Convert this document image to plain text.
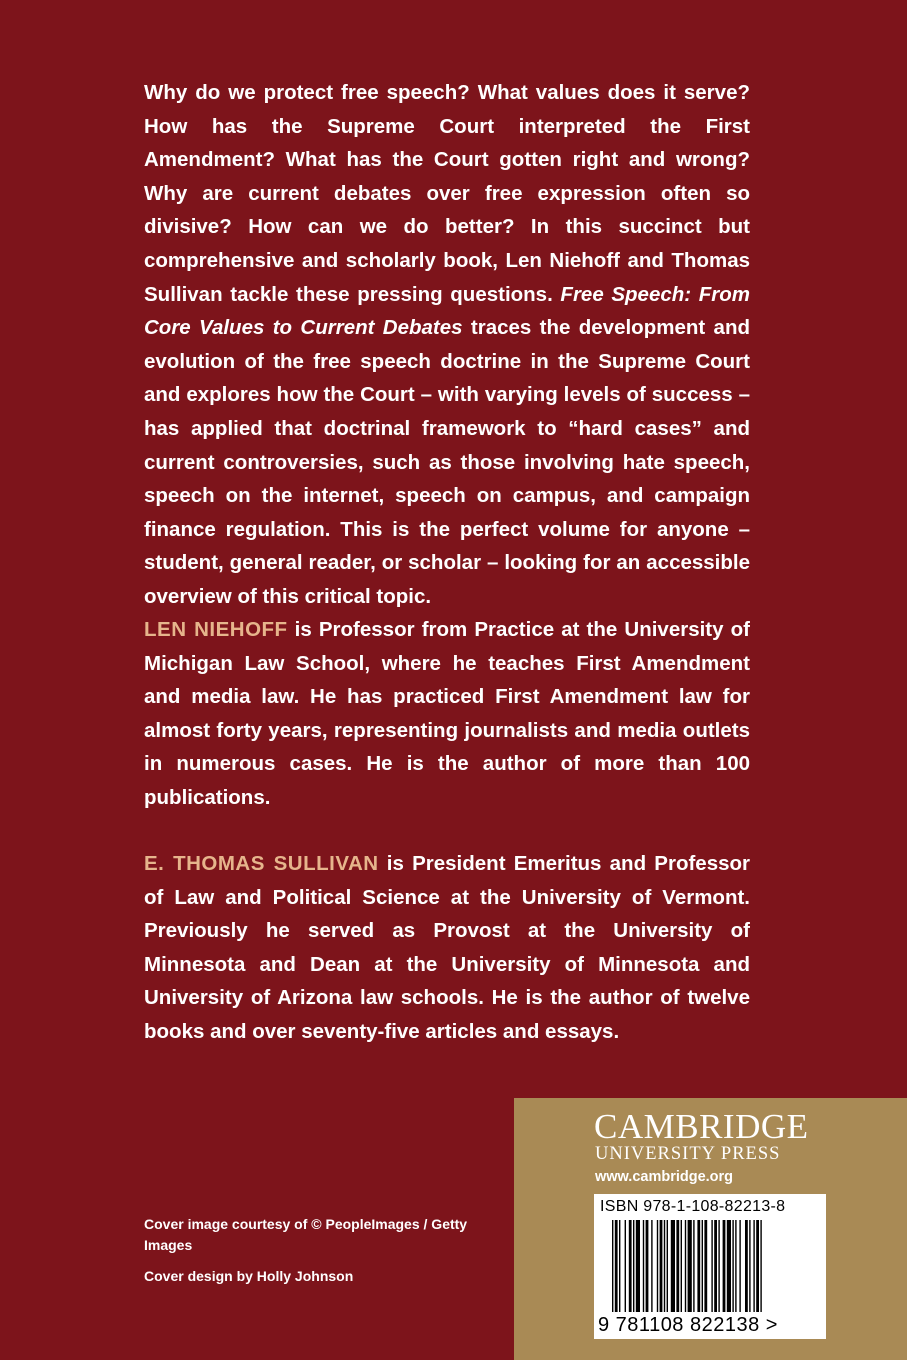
Why do we protect free speech? What values does it serve? How has the Supreme Court interpreted the First Amendment? What has the Court gotten right and wrong? Why are current debates over free expression often so divisive? How can we do better? In this succinct but comprehensive and scholarly book, Len Niehoff and Thomas Sullivan tackle these pressing questions. Free Speech: From Core Values to Current Debates traces the development and evolution of the free speech doctrine in the Supreme Court and explores how the Court – with varying levels of success – has applied that doctrinal framework to “hard cases” and current controversies, such as those involving hate speech, speech on the internet, speech on campus, and campaign finance regulation. This is the perfect volume for anyone – student, general reader, or scholar – looking for an accessible overview of this critical topic.

LEN NIEHOFF is Professor from Practice at the University of Michigan Law School, where he teaches First Amendment and media law. He has practiced First Amendment law for almost forty years, representing journalists and media outlets in numerous cases. He is the author of more than 100 publications.

E. THOMAS SULLIVAN is President Emeritus and Professor of Law and Political Science at the University of Vermont. Previously he served as Provost at the University of Minnesota and Dean at the University of Minnesota and University of Arizona law schools. He is the author of twelve books and over seventy-five articles and essays.

Cover image courtesy of © PeopleImages / Getty Images

Cover design by Holly Johnson

CAMBRIDGE
UNIVERSITY PRESS
www.cambridge.org
ISBN 978-1-108-82213-8
9 781108 822138 >
